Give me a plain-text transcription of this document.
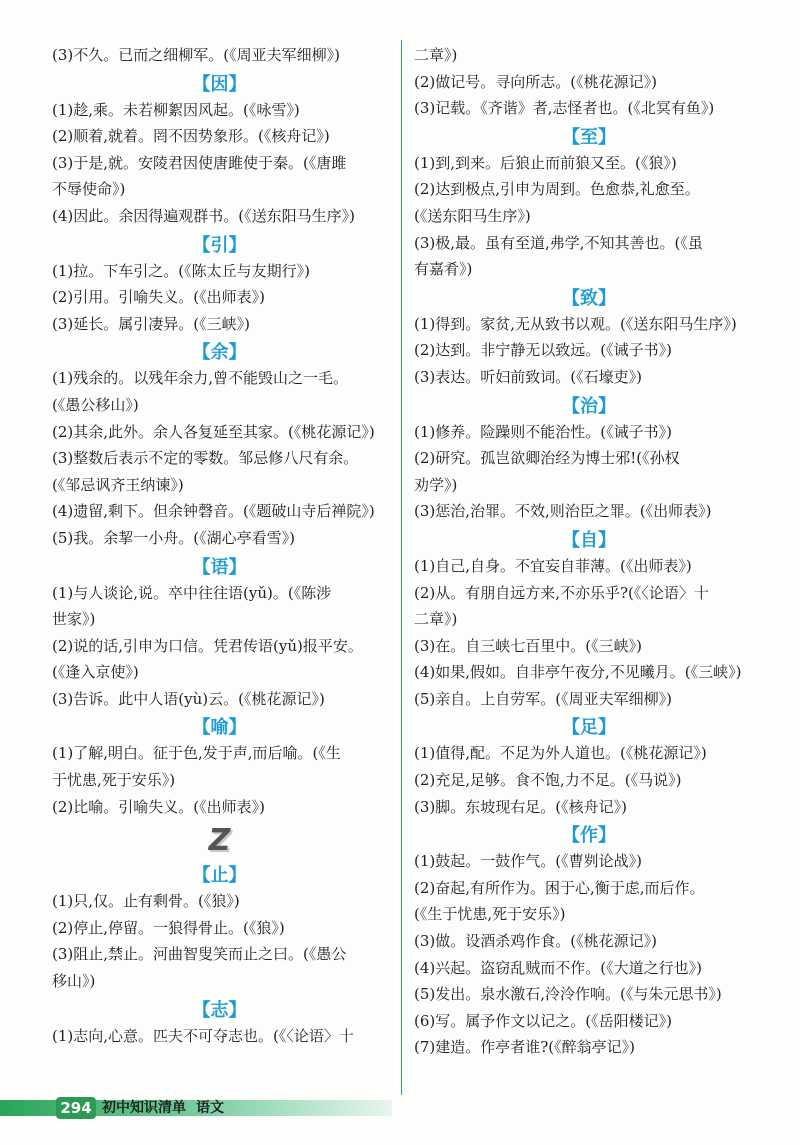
(3)不久。已而之细柳军。(《周亚夫军细柳》)
【因】
(1)趁,乘。未若柳絮因风起。(《咏雪》)
(2)顺着,就着。罔不因势象形。(《核舟记》)
(3)于是,就。安陵君因使唐雎使于秦。(《唐雎
不辱使命》)
(4)因此。余因得遍观群书。(《送东阳马生序》)
【引】
(1)拉。下车引之。(《陈太丘与友期行》)
(2)引用。引喻失义。(《出师表》)
(3)延长。属引凄异。(《三峡》)
【余】
(1)残余的。以残年余力,曾不能毁山之一毛。
(《愚公移山》)
(2)其余,此外。余人各复延至其家。(《桃花源记》)
(3)整数后表示不定的零数。邹忌修八尺有余。
(《邹忌讽齐王纳谏》)
(4)遗留,剩下。但余钟磬音。(《题破山寺后禅院》)
(5)我。余挈一小舟。(《湖心亭看雪》)
【语】
(1)与人谈论,说。卒中往往语(yǔ)。(《陈涉
世家》)
(2)说的话,引申为口信。凭君传语(yǔ)报平安。
(《逢入京使》)
(3)告诉。此中人语(yù)云。(《桃花源记》)
【喻】
(1)了解,明白。征于色,发于声,而后喻。(《生
于忧患,死于安乐》)
(2)比喻。引喻失义。(《出师表》)
Z
【止】
(1)只,仅。止有剩骨。(《狼》)
(2)停止,停留。一狼得骨止。(《狼》)
(3)阻止,禁止。河曲智叟笑而止之曰。(《愚公
移山》)
【志】
(1)志向,心意。匹夫不可夺志也。(《〈论语〉十
二章》)
(2)做记号。寻向所志。(《桃花源记》)
(3)记载。《齐谐》者,志怪者也。(《北冥有鱼》)
【至】
(1)到,到来。后狼止而前狼又至。(《狼》)
(2)达到极点,引申为周到。色愈恭,礼愈至。
(《送东阳马生序》)
(3)极,最。虽有至道,弗学,不知其善也。(《虽
有嘉肴》)
【致】
(1)得到。家贫,无从致书以观。(《送东阳马生序》)
(2)达到。非宁静无以致远。(《诫子书》)
(3)表达。听妇前致词。(《石壕吏》)
【治】
(1)修养。险躁则不能治性。(《诫子书》)
(2)研究。孤岂欲卿治经为博士邪!(《孙权
劝学》)
(3)惩治,治罪。不效,则治臣之罪。(《出师表》)
【自】
(1)自己,自身。不宜妄自菲薄。(《出师表》)
(2)从。有朋自远方来,不亦乐乎?(《〈论语〉十
二章》)
(3)在。自三峡七百里中。(《三峡》)
(4)如果,假如。自非亭午夜分,不见曦月。(《三峡》)
(5)亲自。上自劳军。(《周亚夫军细柳》)
【足】
(1)值得,配。不足为外人道也。(《桃花源记》)
(2)充足,足够。食不饱,力不足。(《马说》)
(3)脚。东坡现右足。(《核舟记》)
【作】
(1)鼓起。一鼓作气。(《曹刿论战》)
(2)奋起,有所作为。困于心,衡于虑,而后作。
(《生于忧患,死于安乐》)
(3)做。设酒杀鸡作食。(《桃花源记》)
(4)兴起。盗窃乱贼而不作。(《大道之行也》)
(5)发出。泉水激石,泠泠作响。(《与朱元思书》)
(6)写。属予作文以记之。(《岳阳楼记》)
(7)建造。作亭者谁?(《醉翁亭记》)
294 初中知识清单 语文
